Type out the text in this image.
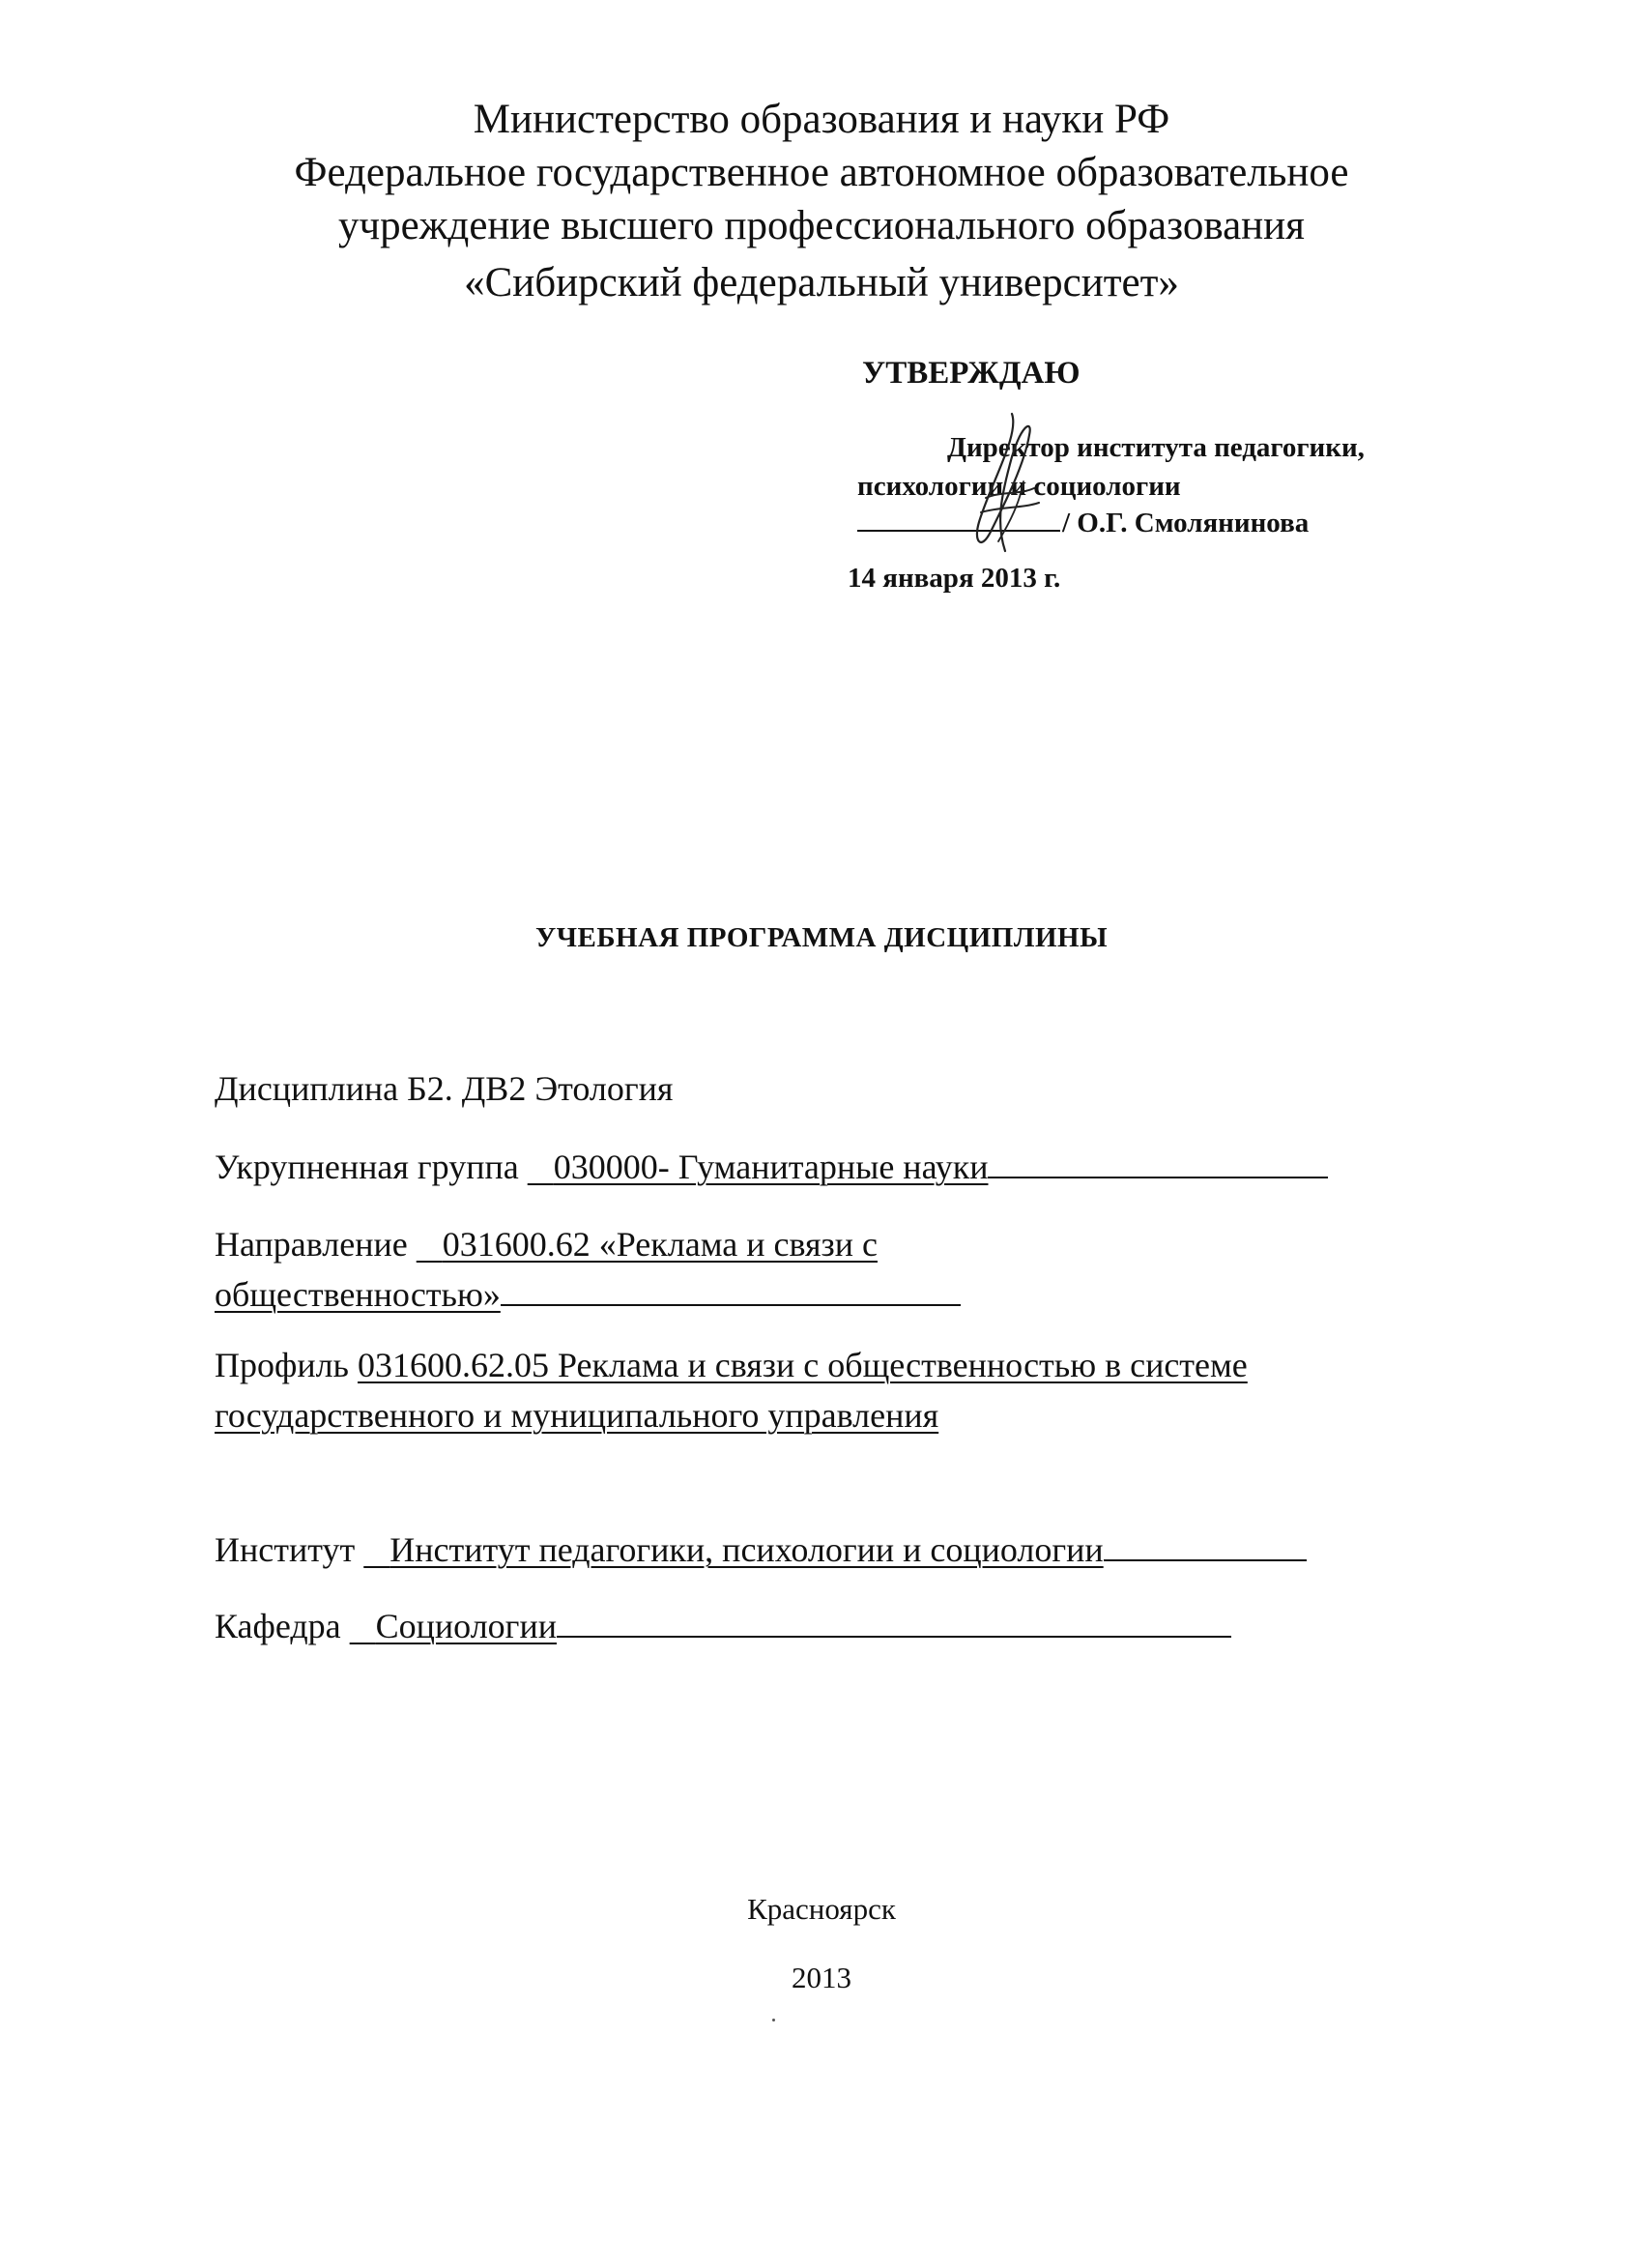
Министерство образования и науки РФ
Федеральное государственное автономное образовательное
учреждение высшего профессионального образования
«Сибирский федеральный университет»
УТВЕРЖДАЮ
Директор института педагогики,
психологии и социологии
/ О.Г. Смолянинова
14 января 2013 г.
УЧЕБНАЯ ПРОГРАММА ДИСЦИПЛИНЫ
Дисциплина Б2. ДВ2 Этология
Укрупненная группа 030000- Гуманитарные науки
Направление 031600.62 «Реклама и связи с
общественностью»
Профиль 031600.62.05 Реклама и связи с общественностью в системе
государственного и муниципального управления
Институт Институт педагогики, психологии и социологии
Кафедра Социологии
Красноярск
2013
